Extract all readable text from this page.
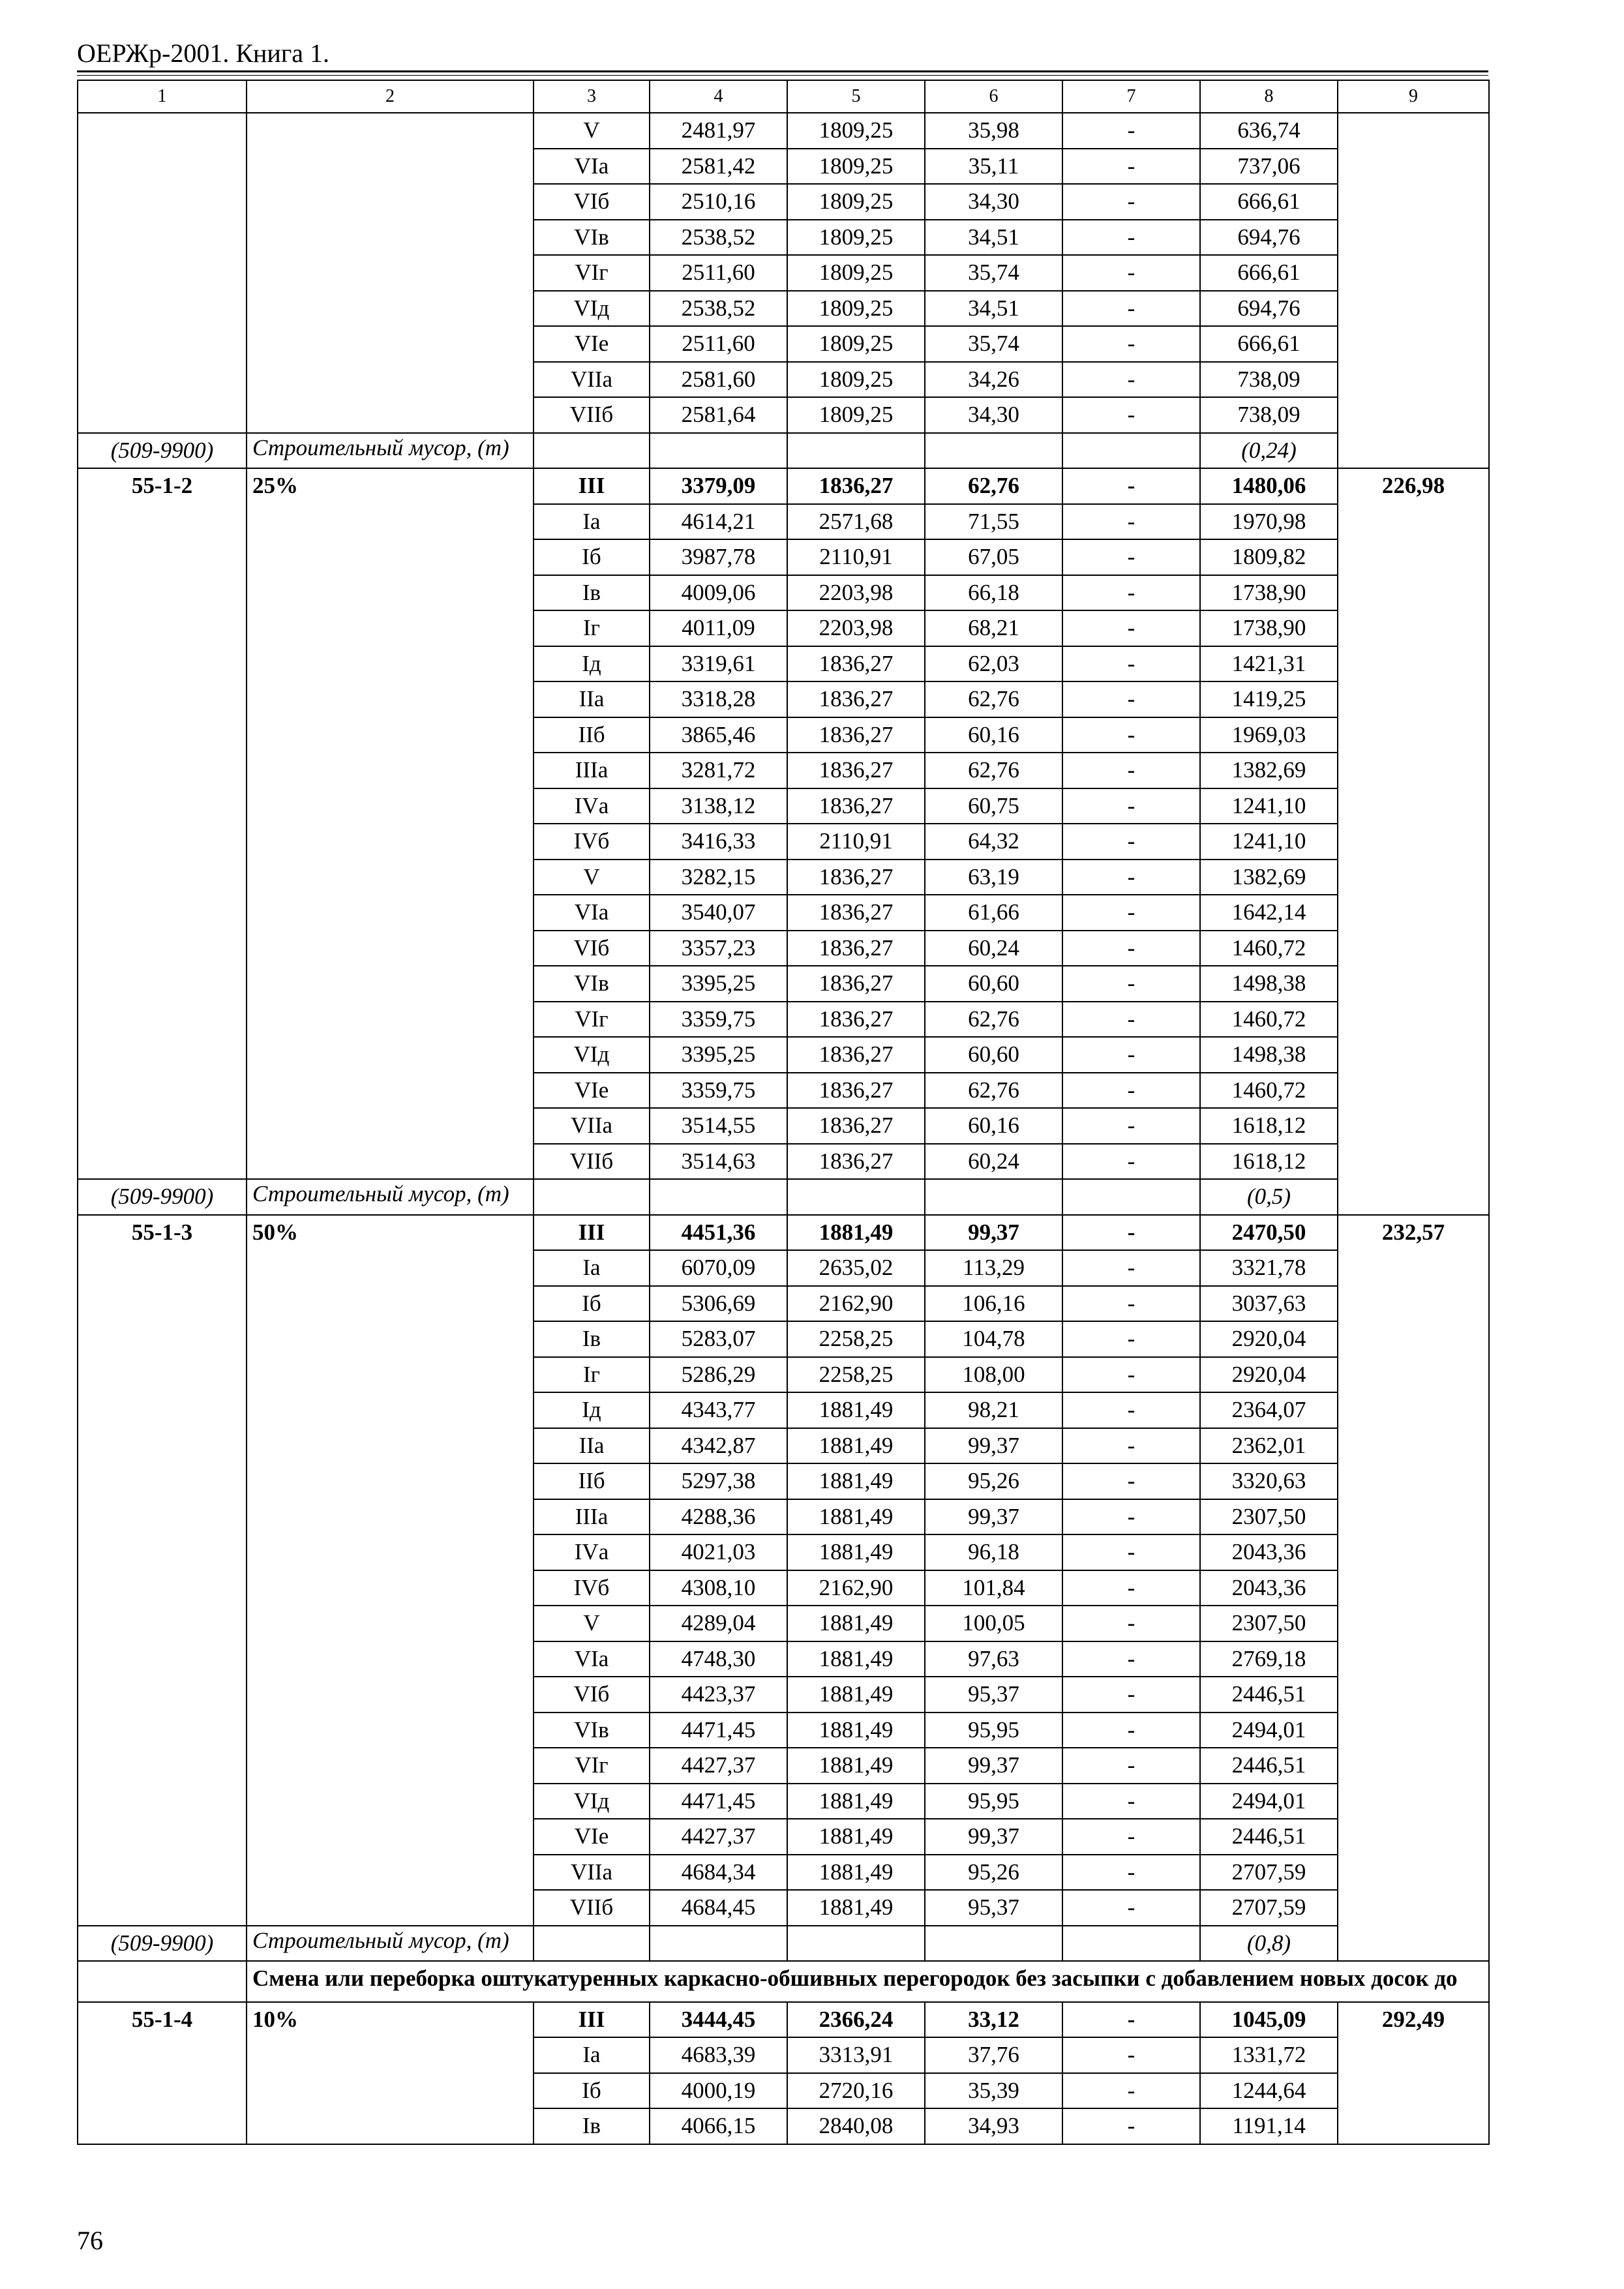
ОЕРЖр-2001. Книга 1.
1	2	3	4	5	6	7	8	9
		V	2481,97	1809,25	35,98	-	636,74	
		VIа	2581,42	1809,25	35,11	-	737,06	
		VIб	2510,16	1809,25	34,30	-	666,61	
		VIв	2538,52	1809,25	34,51	-	694,76	
		VIг	2511,60	1809,25	35,74	-	666,61	
		VIд	2538,52	1809,25	34,51	-	694,76	
		VIе	2511,60	1809,25	35,74	-	666,61	
		VIIа	2581,60	1809,25	34,26	-	738,09	
		VIIб	2581,64	1809,25	34,30	-	738,09	
(509-9900)	Строительный мусор, (т)						(0,24)	
55-1-2	25%	III	3379,09	1836,27	62,76	-	1480,06	226,98
		Iа	4614,21	2571,68	71,55	-	1970,98	
		Iб	3987,78	2110,91	67,05	-	1809,82	
		Iв	4009,06	2203,98	66,18	-	1738,90	
		Iг	4011,09	2203,98	68,21	-	1738,90	
		Iд	3319,61	1836,27	62,03	-	1421,31	
		IIа	3318,28	1836,27	62,76	-	1419,25	
		IIб	3865,46	1836,27	60,16	-	1969,03	
		IIIа	3281,72	1836,27	62,76	-	1382,69	
		IVа	3138,12	1836,27	60,75	-	1241,10	
		IVб	3416,33	2110,91	64,32	-	1241,10	
		V	3282,15	1836,27	63,19	-	1382,69	
		VIа	3540,07	1836,27	61,66	-	1642,14	
		VIб	3357,23	1836,27	60,24	-	1460,72	
		VIв	3395,25	1836,27	60,60	-	1498,38	
		VIг	3359,75	1836,27	62,76	-	1460,72	
		VIд	3395,25	1836,27	60,60	-	1498,38	
		VIе	3359,75	1836,27	62,76	-	1460,72	
		VIIа	3514,55	1836,27	60,16	-	1618,12	
		VIIб	3514,63	1836,27	60,24	-	1618,12	
(509-9900)	Строительный мусор, (т)						(0,5)	
55-1-3	50%	III	4451,36	1881,49	99,37	-	2470,50	232,57
		Iа	6070,09	2635,02	113,29	-	3321,78	
		Iб	5306,69	2162,90	106,16	-	3037,63	
		Iв	5283,07	2258,25	104,78	-	2920,04	
		Iг	5286,29	2258,25	108,00	-	2920,04	
		Iд	4343,77	1881,49	98,21	-	2364,07	
		IIа	4342,87	1881,49	99,37	-	2362,01	
		IIб	5297,38	1881,49	95,26	-	3320,63	
		IIIа	4288,36	1881,49	99,37	-	2307,50	
		IVа	4021,03	1881,49	96,18	-	2043,36	
		IVб	4308,10	2162,90	101,84	-	2043,36	
		V	4289,04	1881,49	100,05	-	2307,50	
		VIа	4748,30	1881,49	97,63	-	2769,18	
		VIб	4423,37	1881,49	95,37	-	2446,51	
		VIв	4471,45	1881,49	95,95	-	2494,01	
		VIг	4427,37	1881,49	99,37	-	2446,51	
		VIд	4471,45	1881,49	95,95	-	2494,01	
		VIе	4427,37	1881,49	99,37	-	2446,51	
		VIIа	4684,34	1881,49	95,26	-	2707,59	
		VIIб	4684,45	1881,49	95,37	-	2707,59	
(509-9900)	Строительный мусор, (т)						(0,8)	
	Смена или переборка оштукатуренных каркасно-обшивных перегородок без засыпки с добавлением новых досок до							
55-1-4	10%	III	3444,45	2366,24	33,12	-	1045,09	292,49
		Iа	4683,39	3313,91	37,76	-	1331,72	
		Iб	4000,19	2720,16	35,39	-	1244,64	
		Iв	4066,15	2840,08	34,93	-	1191,14	
76
